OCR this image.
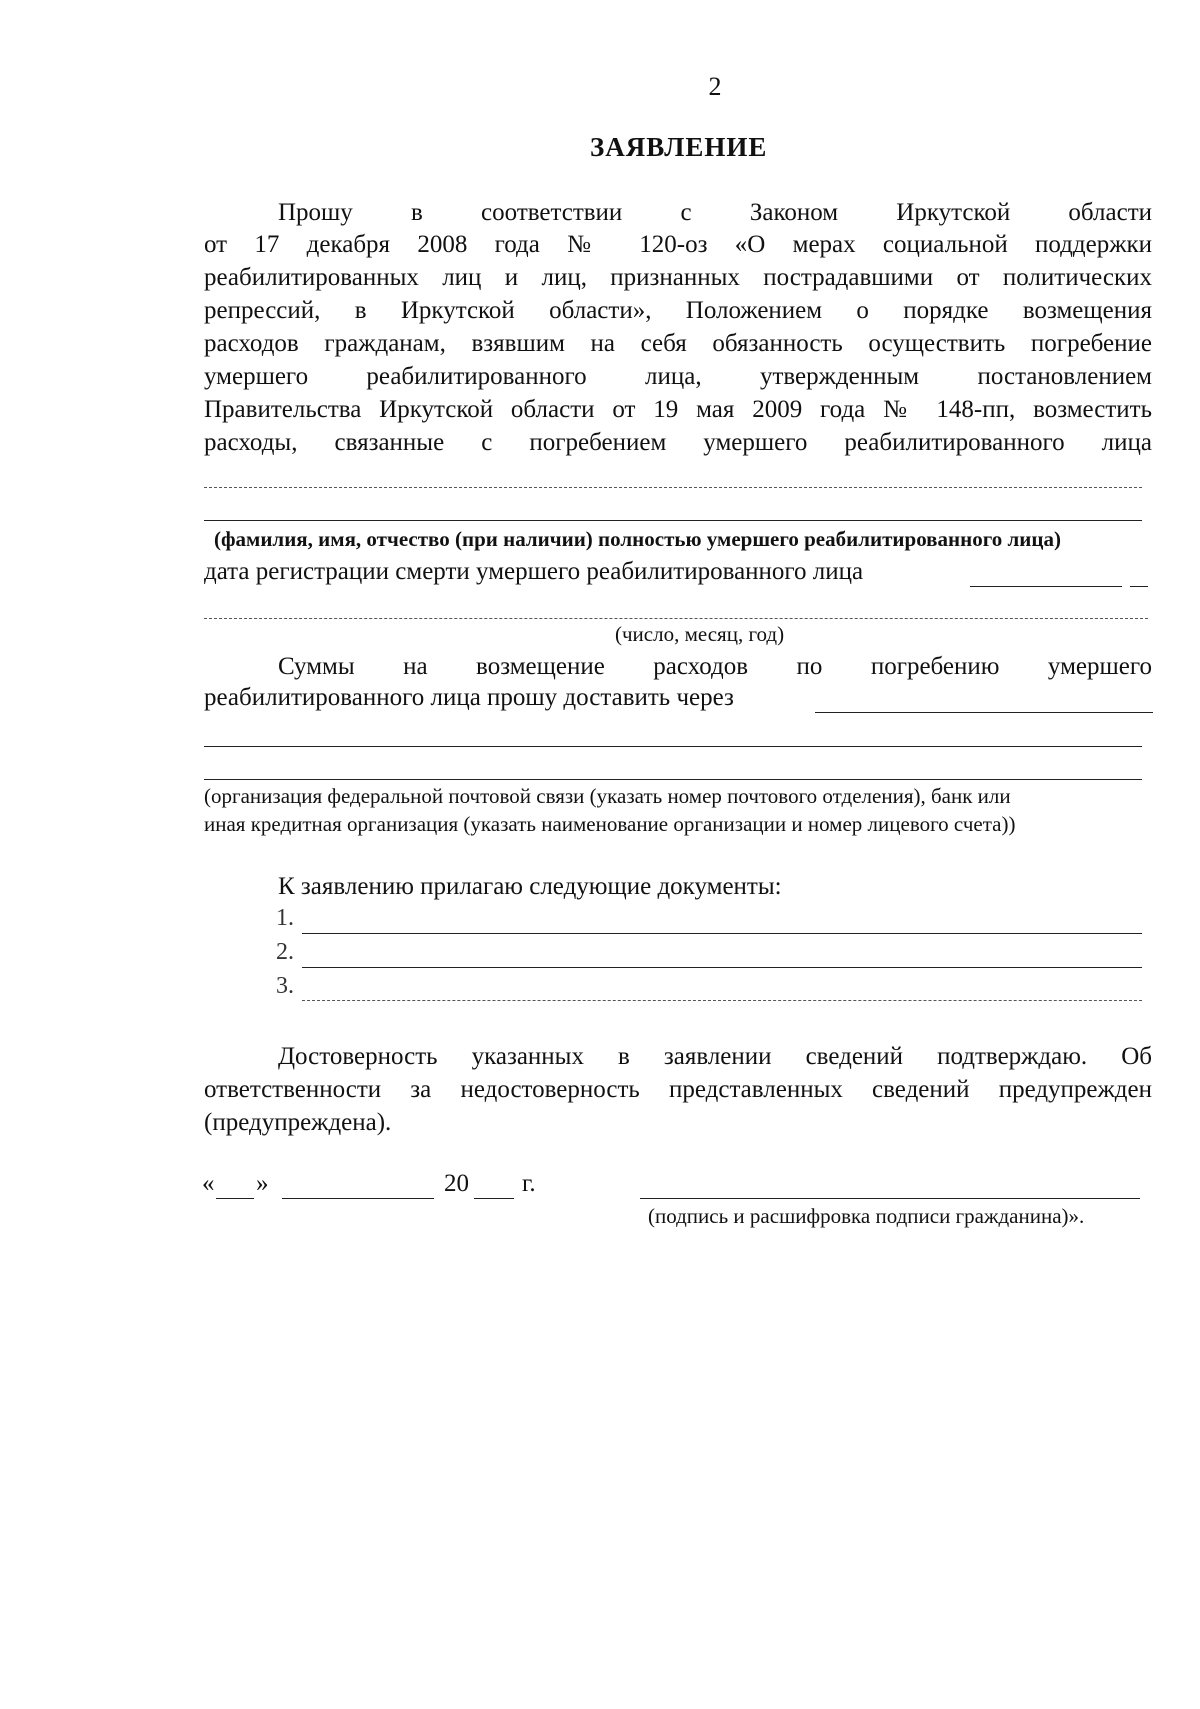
2
ЗАЯВЛЕНИЕ
Прошу в соответствии с Законом Иркутской области
от 17 декабря 2008 года № 120-оз «О мерах социальной поддержки
реабилитированных лиц и лиц, признанных пострадавшими от политических
репрессий, в Иркутской области», Положением о порядке возмещения
расходов гражданам, взявшим на себя обязанность осуществить погребение
умершего реабилитированного лица, утвержденным постановлением
Правительства Иркутской области от 19 мая 2009 года № 148-пп, возместить
расходы, связанные с погребением умершего реабилитированного лица
(фамилия, имя, отчество (при наличии) полностью умершего реабилитированного лица)
дата регистрации смерти умершего реабилитированного лица
(число, месяц, год)
Суммы на возмещение расходов по погребению умершего
реабилитированного лица прошу доставить через
(организация федеральной почтовой связи (указать номер почтового отделения), банк или
иная кредитная организация (указать наименование организации и номер лицевого счета))
К заявлению прилагаю следующие документы:
1.
2.
3.
Достоверность указанных в заявлении сведений подтверждаю. Об
ответственности за недостоверность представленных сведений предупрежден
(предупреждена).
« »	20 г.
(подпись и расшифровка подписи гражданина)».
